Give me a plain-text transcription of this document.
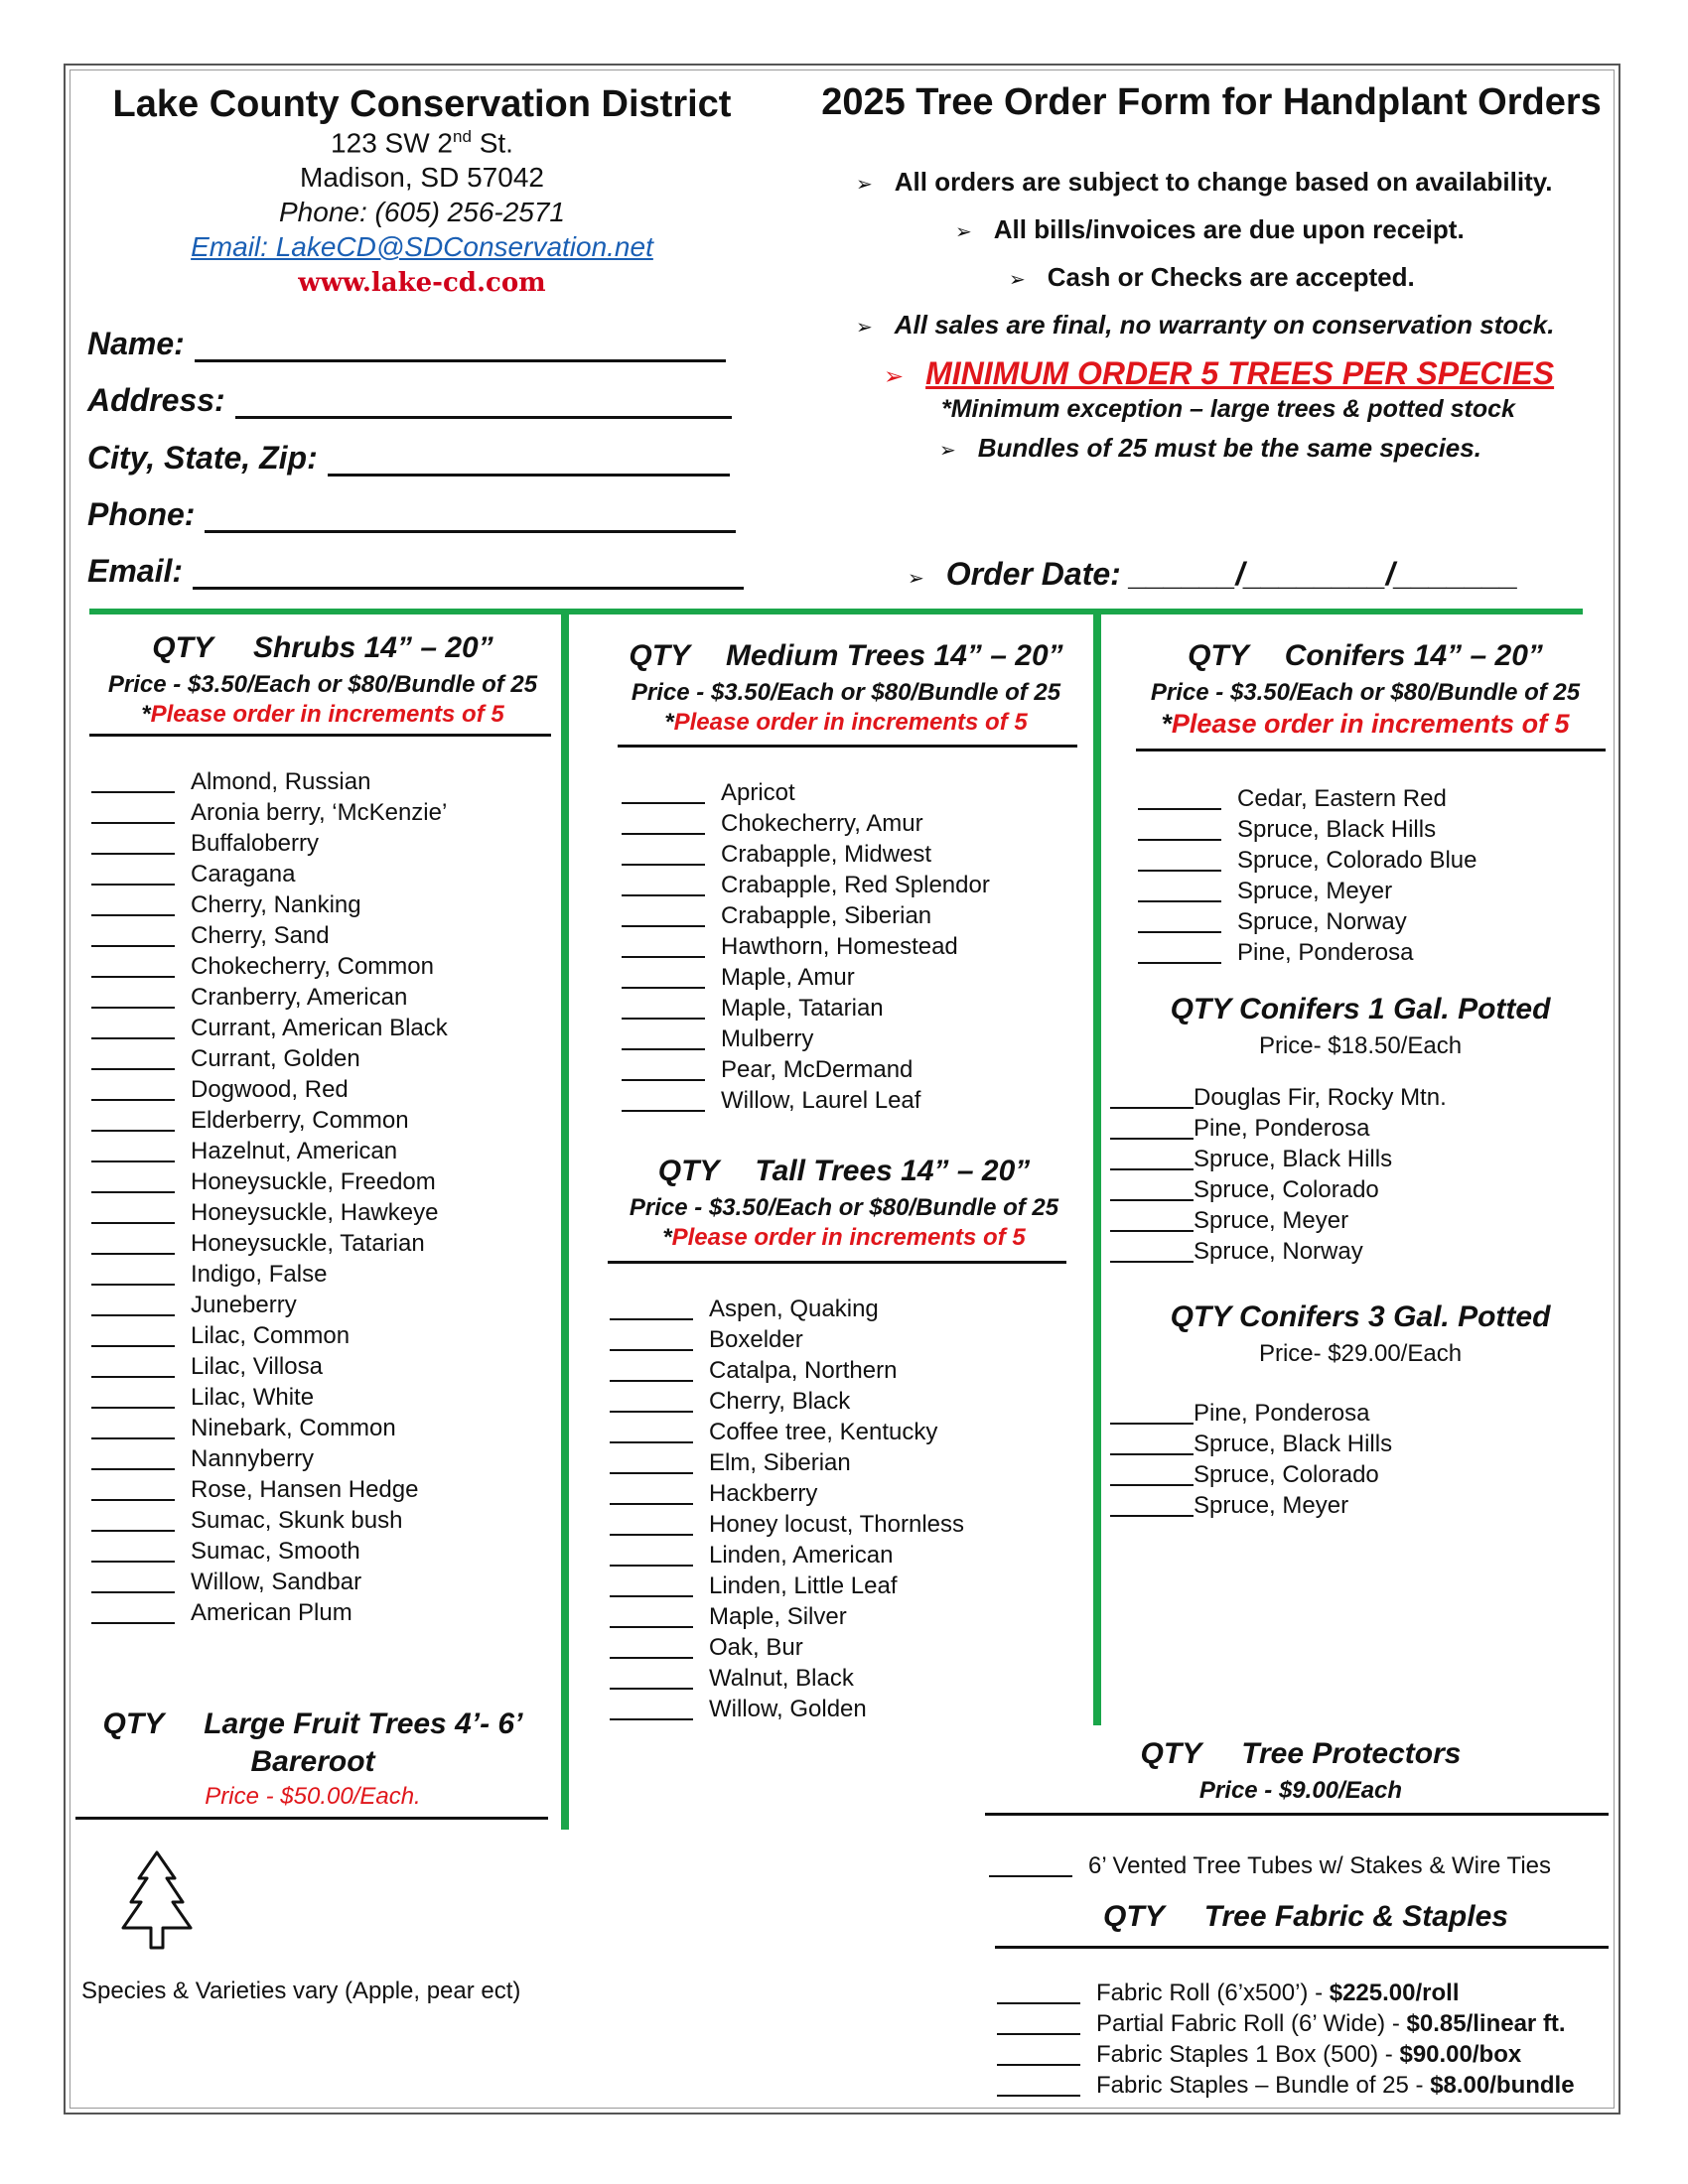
Lake County Conservation District
123 SW 2nd St.
Madison, SD 57042
Phone: (605) 256-2571
Email: LakeCD@SDConservation.net
www.lake-cd.com
Name:
Address:
City, State, Zip:
Phone:
Email:
2025 Tree Order Form for Handplant Orders
➢ All orders are subject to change based on availability.
➢ All bills/invoices are due upon receipt.
➢ Cash or Checks are accepted.
➢ All sales are final, no warranty on conservation stock.
➢ MINIMUM ORDER 5 TREES PER SPECIES
*Minimum exception – large trees & potted stock
➢ Bundles of 25 must be the same species.
➢ Order Date: ______/________/_______
QTY Shrubs 14” – 20”
Price - $3.50/Each or $80/Bundle of 25
*Please order in increments of 5
Almond, Russian
Aronia berry, ‘McKenzie’
Buffaloberry
Caragana
Cherry, Nanking
Cherry, Sand
Chokecherry, Common
Cranberry, American
Currant, American Black
Currant, Golden
Dogwood, Red
Elderberry, Common
Hazelnut, American
Honeysuckle, Freedom
Honeysuckle, Hawkeye
Honeysuckle, Tatarian
Indigo, False
Juneberry
Lilac, Common
Lilac, Villosa
Lilac, White
Ninebark, Common
Nannyberry
Rose, Hansen Hedge
Sumac, Skunk bush
Sumac, Smooth
Willow, Sandbar
American Plum
QTY Medium Trees 14” – 20”
Price - $3.50/Each or $80/Bundle of 25
*Please order in increments of 5
Apricot
Chokecherry, Amur
Crabapple, Midwest
Crabapple, Red Splendor
Crabapple, Siberian
Hawthorn, Homestead
Maple, Amur
Maple, Tatarian
Mulberry
Pear, McDermand
Willow, Laurel Leaf
QTY Tall Trees 14” – 20”
Price - $3.50/Each or $80/Bundle of 25
*Please order in increments of 5
Aspen, Quaking
Boxelder
Catalpa, Northern
Cherry, Black
Coffee tree, Kentucky
Elm, Siberian
Hackberry
Honey locust, Thornless
Linden, American
Linden, Little Leaf
Maple, Silver
Oak, Bur
Walnut, Black
Willow, Golden
QTY Conifers 14” – 20”
Price - $3.50/Each or $80/Bundle of 25
*Please order in increments of 5
Cedar, Eastern Red
Spruce, Black Hills
Spruce, Colorado Blue
Spruce, Meyer
Spruce, Norway
Pine, Ponderosa
QTY Conifers 1 Gal. Potted
Price- $18.50/Each
Douglas Fir, Rocky Mtn.
Pine, Ponderosa
Spruce, Black Hills
Spruce, Colorado
Spruce, Meyer
Spruce, Norway
QTY Conifers 3 Gal. Potted
Price- $29.00/Each
Pine, Ponderosa
Spruce, Black Hills
Spruce, Colorado
Spruce, Meyer
QTY Large Fruit Trees 4’- 6’
Bareroot
Price - $50.00/Each.
Species & Varieties vary (Apple, pear ect)
QTY Tree Protectors
Price - $9.00/Each
6’ Vented Tree Tubes w/ Stakes & Wire Ties
QTY Tree Fabric & Staples
Fabric Roll (6’x500’) - $225.00/roll
Partial Fabric Roll (6’ Wide) - $0.85/linear ft.
Fabric Staples 1 Box (500) - $90.00/box
Fabric Staples – Bundle of 25 - $8.00/bundle
